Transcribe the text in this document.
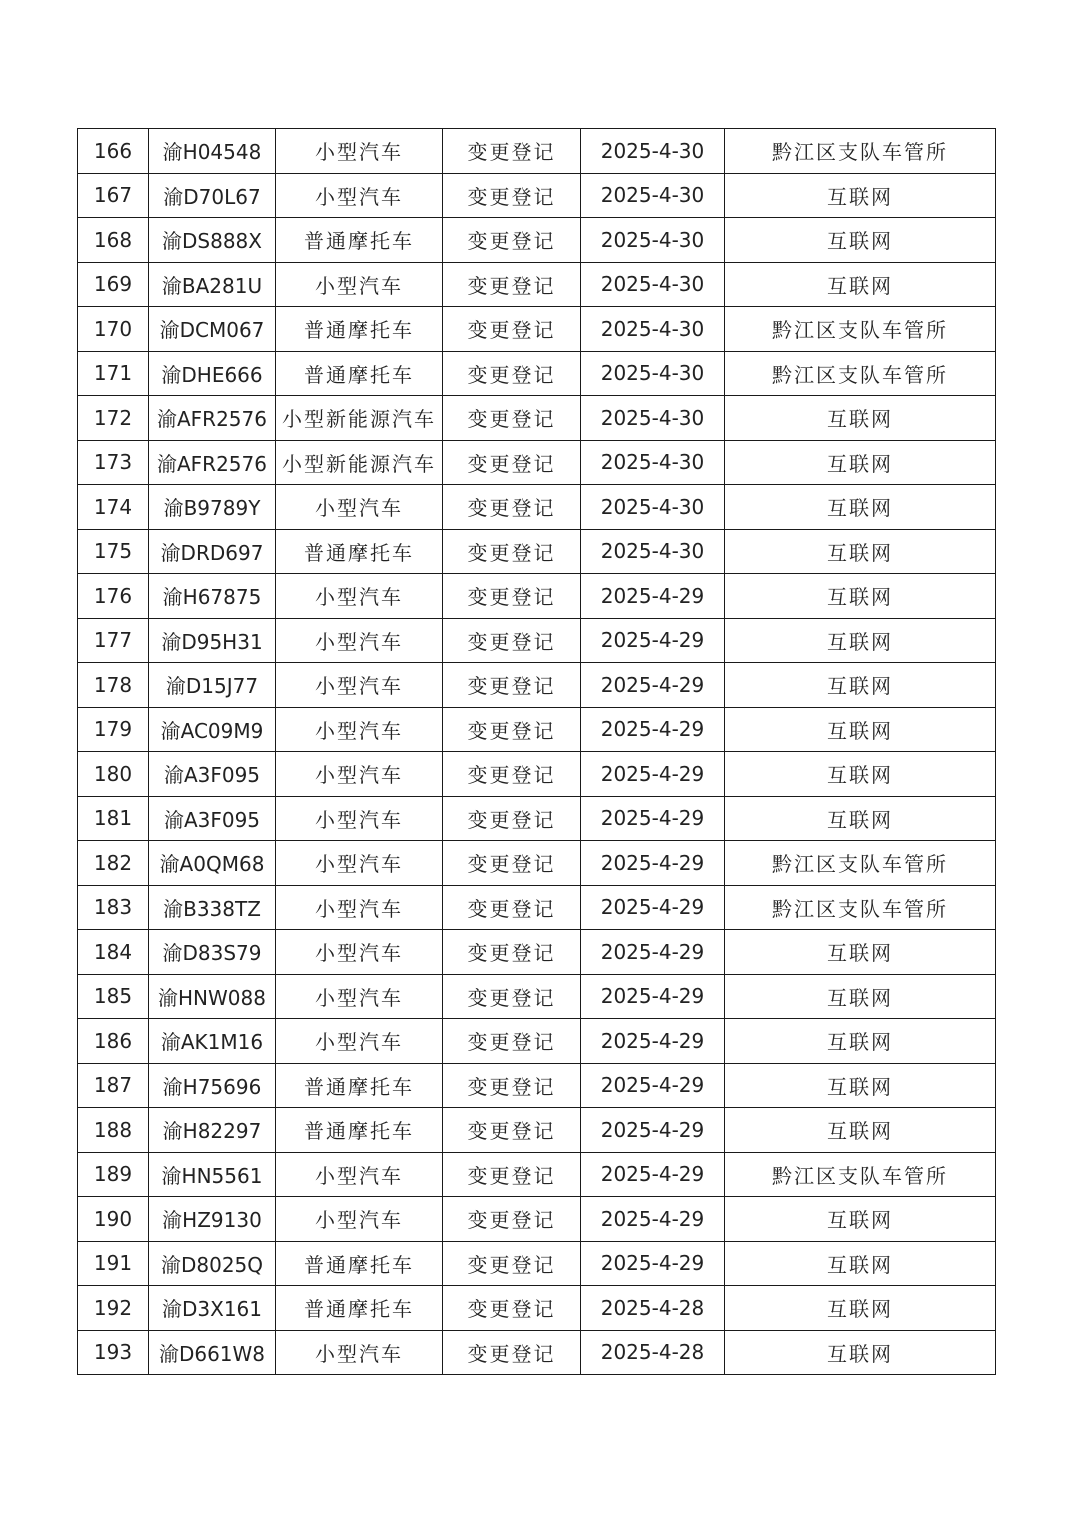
166	渝H04548	小型汽车	变更登记	2025-4-30	黔江区支队车管所
167	渝D70L67	小型汽车	变更登记	2025-4-30	互联网
168	渝DS888X	普通摩托车	变更登记	2025-4-30	互联网
169	渝BA281U	小型汽车	变更登记	2025-4-30	互联网
170	渝DCM067	普通摩托车	变更登记	2025-4-30	黔江区支队车管所
171	渝DHE666	普通摩托车	变更登记	2025-4-30	黔江区支队车管所
172	渝AFR2576	小型新能源汽车	变更登记	2025-4-30	互联网
173	渝AFR2576	小型新能源汽车	变更登记	2025-4-30	互联网
174	渝B9789Y	小型汽车	变更登记	2025-4-30	互联网
175	渝DRD697	普通摩托车	变更登记	2025-4-30	互联网
176	渝H67875	小型汽车	变更登记	2025-4-29	互联网
177	渝D95H31	小型汽车	变更登记	2025-4-29	互联网
178	渝D15J77	小型汽车	变更登记	2025-4-29	互联网
179	渝AC09M9	小型汽车	变更登记	2025-4-29	互联网
180	渝A3F095	小型汽车	变更登记	2025-4-29	互联网
181	渝A3F095	小型汽车	变更登记	2025-4-29	互联网
182	渝A0QM68	小型汽车	变更登记	2025-4-29	黔江区支队车管所
183	渝B338TZ	小型汽车	变更登记	2025-4-29	黔江区支队车管所
184	渝D83S79	小型汽车	变更登记	2025-4-29	互联网
185	渝HNW088	小型汽车	变更登记	2025-4-29	互联网
186	渝AK1M16	小型汽车	变更登记	2025-4-29	互联网
187	渝H75696	普通摩托车	变更登记	2025-4-29	互联网
188	渝H82297	普通摩托车	变更登记	2025-4-29	互联网
189	渝HN5561	小型汽车	变更登记	2025-4-29	黔江区支队车管所
190	渝HZ9130	小型汽车	变更登记	2025-4-29	互联网
191	渝D8025Q	普通摩托车	变更登记	2025-4-29	互联网
192	渝D3X161	普通摩托车	变更登记	2025-4-28	互联网
193	渝D661W8	小型汽车	变更登记	2025-4-28	互联网
